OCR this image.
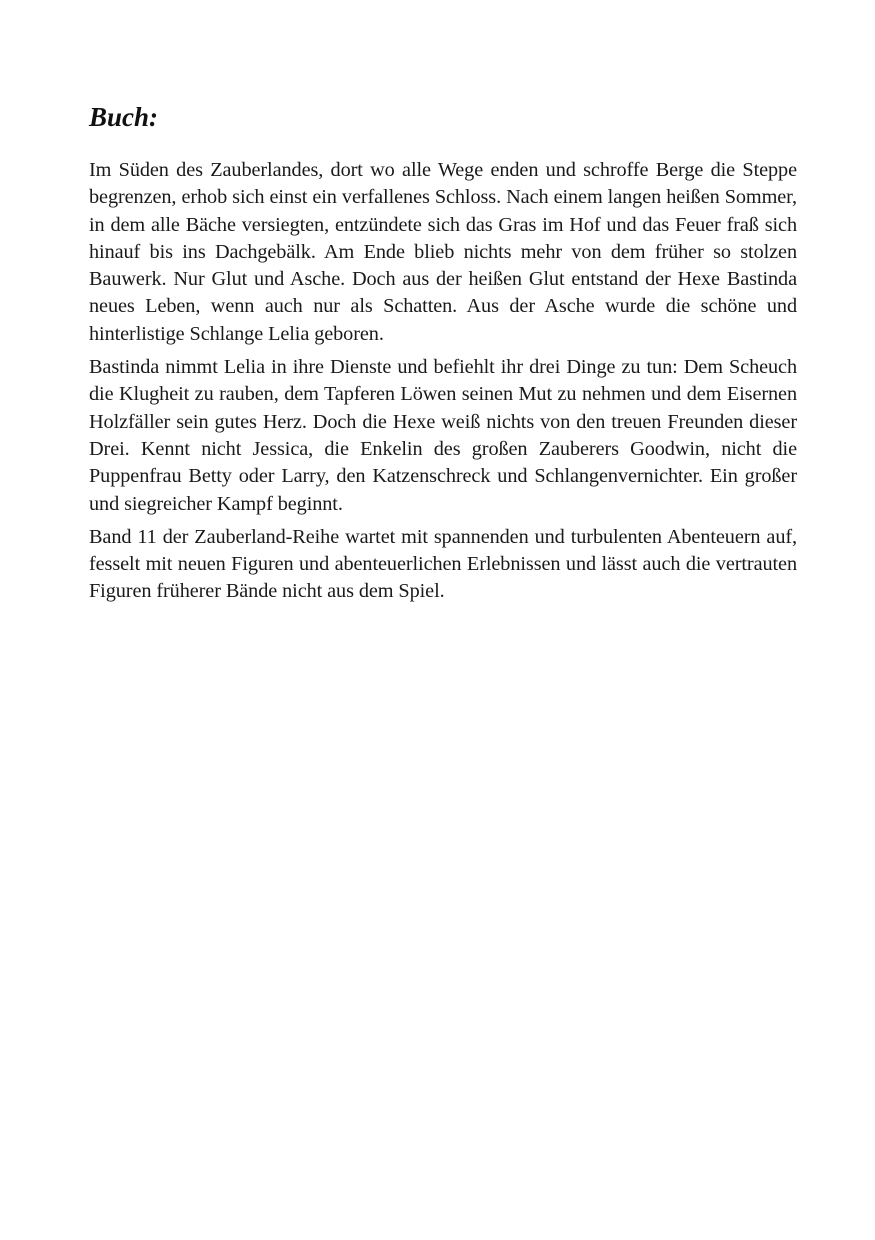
Buch:

Im Süden des Zauberlandes, dort wo alle Wege enden und schroffe Berge die Steppe begrenzen, erhob sich einst ein verfallenes Schloss. Nach einem langen heißen Sommer, in dem alle Bäche versiegten, entzündete sich das Gras im Hof und das Feuer fraß sich hinauf bis ins Dachgebälk. Am Ende blieb nichts mehr von dem früher so stolzen Bauwerk. Nur Glut und Asche. Doch aus der heißen Glut entstand der Hexe Bastinda neues Leben, wenn auch nur als Schatten. Aus der Asche wurde die schöne und hinterlistige Schlange Lelia geboren.

Bastinda nimmt Lelia in ihre Dienste und befiehlt ihr drei Dinge zu tun: Dem Scheuch die Klugheit zu rauben, dem Tapferen Löwen seinen Mut zu nehmen und dem Eisernen Holzfäller sein gutes Herz. Doch die Hexe weiß nichts von den treuen Freunden dieser Drei. Kennt nicht Jessica, die Enkelin des großen Zauberers Goodwin, nicht die Puppenfrau Betty oder Larry, den Katzenschreck und Schlangenvernichter. Ein großer und siegreicher Kampf beginnt.

Band 11 der Zauberland-Reihe wartet mit spannenden und turbulenten Abenteuern auf, fesselt mit neuen Figuren und abenteuerlichen Erlebnissen und lässt auch die vertrauten Figuren früherer Bände nicht aus dem Spiel.
